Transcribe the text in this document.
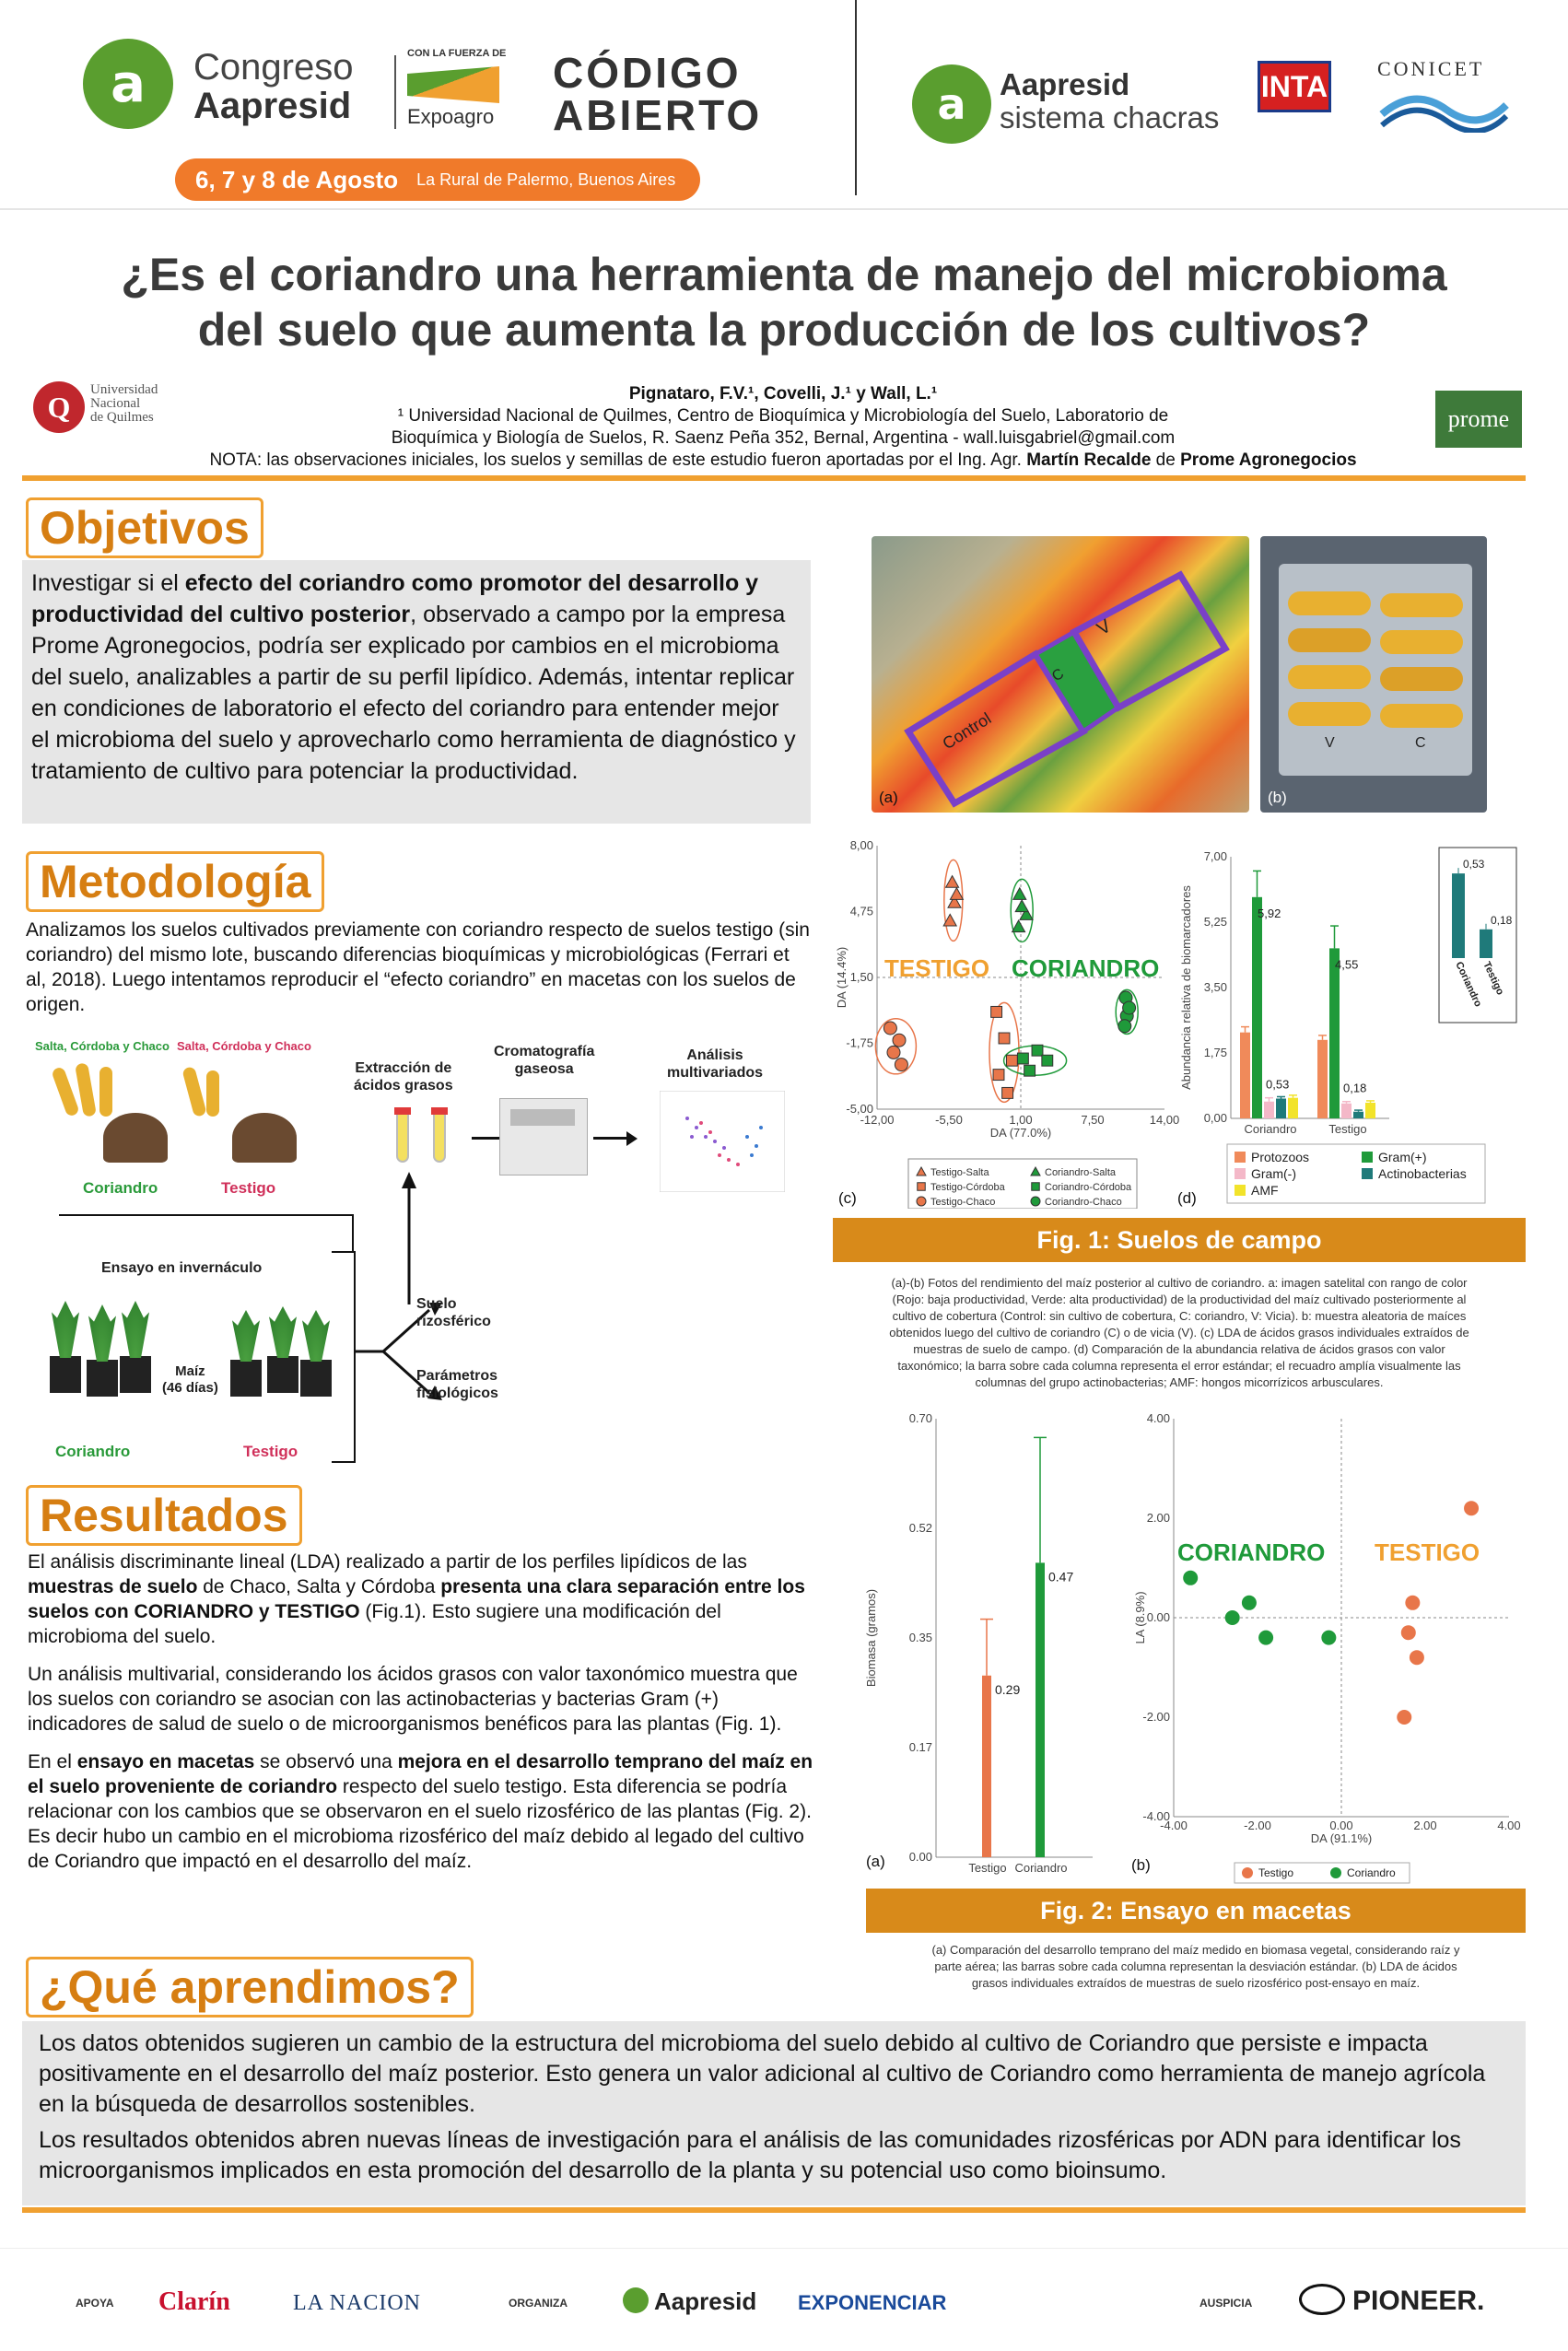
a	Congreso
Aapresid
CON LA FUERZA DE
Expoagro
CÓDIGO
ABIERTO
6, 7 y 8 de Agosto La Rural de Palermo, Buenos Aires
a	Aapresid
sistema chacras
INTA
CONICET
¿Es el coriandro una herramienta de manejo del microbioma
del suelo que aumenta la producción de los cultivos?
Q
Universidad
Nacional
de Quilmes	prome
Pignataro, F.V.¹, Covelli, J.¹ y Wall, L.¹
¹ Universidad Nacional de Quilmes, Centro de Bioquímica y Microbiología del Suelo, Laboratorio de
Bioquímica y Biología de Suelos, R. Saenz Peña 352, Bernal, Argentina - wall.luisgabriel@gmail.com
NOTA: las observaciones iniciales, los suelos y semillas de este estudio fueron aportadas por el Ing. Agr. Martín Recalde de Prome Agronegocios
Objetivos
Investigar si el efecto del coriandro como promotor del desarrollo y productividad del cultivo posterior, observado a campo por la empresa Prome Agronegocios, podría ser explicado por cambios en el microbioma del suelo, analizables a partir de su perfil lipídico. Además, intentar replicar en condiciones de laboratorio el efecto del coriandro para entender mejor el microbioma del suelo y aprovecharlo como herramienta de diagnóstico y tratamiento de cultivo para potenciar la productividad.
Control
C
V
(a)
V	C
(b)
-5,00
-1,75
1,50
4,75
8,00
-12,00	-5,50	1,00	7,50	14,00
DA (77.0%)
DA (14.4%) TESTIGO CORIANDRO
Testigo-Salta
Testigo-Córdoba
Testigo-Chaco
Coriandro-Salta
Coriandro-Córdoba
Coriandro-Chaco
(c)
0,00
1,75
3,50
5,25
7,00
Abundancia relativa de biomarcadores
Coriandro	Testigo
5,92
0,53
4,55
0,18
0,53
Coriandro
0,18
Testigo
Protozoos
Gram(-)
AMF
Gram(+)
Actinobacterias
(d)
Fig. 1: Suelos de campo
(a)-(b) Fotos del rendimiento del maíz posterior al cultivo de coriandro. a: imagen satelital con rango de color
(Rojo: baja productividad, Verde: alta productividad) de la productividad del maíz cultivado posteriormente al
cultivo de cobertura (Control: sin cultivo de cobertura, C: coriandro, V: Vicia). b: muestra aleatoria de maíces
obtenidos luego del cultivo de coriandro (C) o de vicia (V). (c) LDA de ácidos grasos individuales extraídos de
muestras de suelo de campo. (d) Comparación de la abundancia relativa de ácidos grasos con valor
taxonómico; la barra sobre cada columna representa el error estándar; el recuadro amplía visualmente las
columnas del grupo actinobacterias; AMF: hongos micorrízicos arbusculares.
Metodología
Analizamos los suelos cultivados previamente con coriandro respecto de suelos testigo (sin coriandro) del mismo lote, buscando diferencias bioquímicas y microbiológicas (Ferrari et al, 2018). Luego intentamos reproducir el “efecto coriandro” en macetas con los suelos de origen.
Salta, Córdoba y Chaco Salta, Córdoba y Chaco
Coriandro	Testigo
Extracción de
ácidos grasos
Cromatografía
gaseosa
Análisis
multivariados
Ensayo en invernáculo
Maíz
(46 días)
Coriandro	Testigo
Suelo
rizosférico
Parámetros
fisiológicos
Resultados

El análisis discriminante lineal (LDA) realizado a partir de los perfiles lipídicos de las muestras de suelo de Chaco, Salta y Córdoba presenta una clara separación entre los suelos con CORIANDRO y TESTIGO (Fig.1). Esto sugiere una modificación del microbioma del suelo.

Un análisis multivarial, considerando los ácidos grasos con valor taxonómico muestra que los suelos con coriandro se asocian con las actinobacterias y bacterias Gram (+) indicadores de salud de suelo o de microorganismos benéficos para las plantas (Fig. 1).

En el ensayo en macetas se observó una mejora en el desarrollo temprano del maíz en el suelo proveniente de coriandro respecto del suelo testigo. Esta diferencia se podría relacionar con los cambios que se observaron en el suelo rizosférico de las plantas (Fig. 2). Es decir hubo un cambio en el microbioma rizosférico del maíz debido al legado del cultivo de Coriandro que impactó en el desarrollo del maíz.	0.00
0.17
0.35
0.52
0.70
Biomasa (gramos)
0.29
Testigo
0.47
Coriandro
(a)
-4.00
-2.00
0.00
2.00
4.00
-4.00	-2.00	0.00	2.00	4.00
DA (91.1%)
LA (8.9%)
CORIANDRO TESTIGO
Testigo	Coriandro
(b)
Fig. 2: Ensayo en macetas
(a) Comparación del desarrollo temprano del maíz medido en biomasa vegetal, considerando raíz y
parte aérea; las barras sobre cada columna representan la desviación estándar. (b) LDA de ácidos
grasos individuales extraídos de muestras de suelo rizosférico post-ensayo en maíz.
¿Qué aprendimos?

Los datos obtenidos sugieren un cambio de la estructura del microbioma del suelo debido al cultivo de Coriandro que persiste e impacta positivamente en el desarrollo del maíz posterior. Esto genera un valor adicional al cultivo de Coriandro como herramienta de manejo agrícola en la búsqueda de desarrollos sostenibles.

Los resultados obtenidos abren nuevas líneas de investigación para el análisis de las comunidades rizosféricas por ADN para identificar los microorganismos implicados en esta promoción del desarrollo de la planta y su potencial uso como bioinsumo.

APOYA Clarín	LA NACION	ORGANIZA	Aapresid EXPONENCIAR	AUSPICIA	PIONEER.
